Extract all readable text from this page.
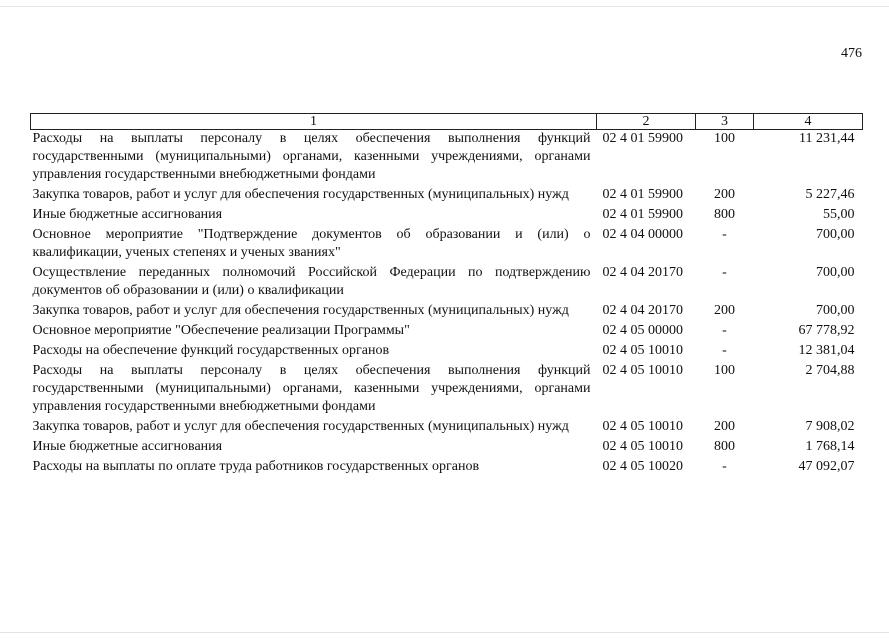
476
1	2	3	4
Расходы на выплаты персоналу в целях обеспечения выполнения функций государственными (муниципальными) органами, казенными учреждениями, органами управления государственными внебюджетными фондами	02 4 01 59900	100	11 231,44
Закупка товаров, работ и услуг для обеспечения государственных (муниципальных) нужд	02 4 01 59900	200	5 227,46
Иные бюджетные ассигнования	02 4 01 59900	800	55,00
Основное мероприятие "Подтверждение документов об образовании и (или) о квалификации, ученых степенях и ученых званиях"	02 4 04 00000	-	700,00
Осуществление переданных полномочий Российской Федерации по подтверждению документов об образовании и (или) о квалификации	02 4 04 20170	-	700,00
Закупка товаров, работ и услуг для обеспечения государственных (муниципальных) нужд	02 4 04 20170	200	700,00
Основное мероприятие "Обеспечение реализации Программы"	02 4 05 00000	-	67 778,92
Расходы на обеспечение функций государственных органов	02 4 05 10010	-	12 381,04
Расходы на выплаты персоналу в целях обеспечения выполнения функций государственными (муниципальными) органами, казенными учреждениями, органами управления государственными внебюджетными фондами	02 4 05 10010	100	2 704,88
Закупка товаров, работ и услуг для обеспечения государственных (муниципальных) нужд	02 4 05 10010	200	7 908,02
Иные бюджетные ассигнования	02 4 05 10010	800	1 768,14
Расходы на выплаты по оплате труда работников государственных органов	02 4 05 10020	-	47 092,07
